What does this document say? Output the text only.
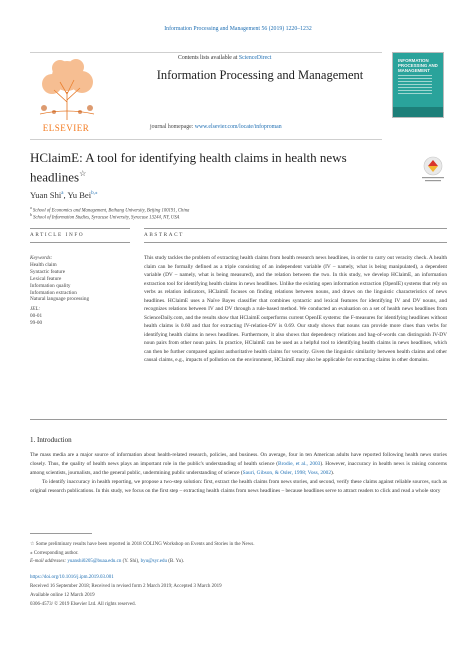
Information Processing and Management 56 (2019) 1220–1232
ELSEVIER
Contents lists available at ScienceDirect
Information Processing and Management
journal homepage: www.elsevier.com/locate/infoproman
INFORMATION PROCESSING AND MANAGEMENT
HClaimE: A tool for identifying health claims in health news headlines☆
Yuan Shi$^a$, Yu Bei$^{b,⁎}$
$^a$ School of Economics and Management, Beihang University, Beijing 100191, China
$^b$ School of Information Studies, Syracuse University, Syracuse 13244, NY, USA
ARTICLE INFO	ABSTRACT
Keywords:
Health claim
Syntactic feature
Lexical feature
Information quality
Information extraction
Natural language processing
JEL:
00-01
99-00
This study tackles the problem of extracting health claims from health research news headlines, in order to carry out veracity check. A health claim can be formally defined as a triple consisting of an independent variable (IV – namely, what is being manipulated), a dependent variable (DV – namely, what is being measured), and the relation between the two. In this study, we develop HClaimE, an information extraction tool for identifying health claims in news headlines. Unlike the existing open information extraction (OpenIE) systems that rely on verbs as relation indicators, HClaimE focuses on finding relations between nouns, and draws on the linguistic characteristics of news headlines. HClaimE uses a Naïve Bayes classifier that combines syntactic and lexical features for identifying IV and DV nouns, and recognizes relations between IV and DV through a rule-based method. We conducted an evaluation on a set of health news headlines from ScienceDaily.com, and the results show that HClaimE outperforms current OpenIE systems: the F-measures for identifying headlines without health claims is 0.60 and that for extracting IV-relation-DV is 0.69. Our study shows that nouns can provide more clues than verbs for identifying health claims in news headlines. Furthermore, it also shows that dependency relations and bag-of-words can distinguish IV-DV noun pairs from other noun pairs. In practice, HClaimE can be used as a helpful tool to identifying health claims in news headlines, which can then be further compared against authoritative health claims for veracity. Given the linguistic similarity between health claims and other causal claims, e.g., impacts of pollution on the environment, HClaimE may also be applicable for extracting claims in other domains.
1. Introduction

The mass media are a major source of information about health-related research, policies, and business. On average, four in ten American adults have reported following health news stories closely. Thus, the quality of health news plays an important role in the public's understanding of health science (Brodie, et al., 2003). However, inaccuracy in health news is raising concerns among scientists, journalists, and the general public, undermining public understanding of science (Sauri, Gibson, & Osler, 1998; Voss, 2002).

To identify inaccuracy in health reporting, we propose a two-step solution: first, extract the health claims from news stories, and second, verify these claims against reliable sources, such as original research publications. In this study, we focus on the first step – extracting health claims from news headlines – because headlines serve to attract readers to click and read a whole story

☆ Some preliminary results have been reported in 2018 COLING Workshop on Events and Stories in the News.
⁎ Corresponding author.
E-mail addresses: yuanshi0205@buaa.edu.cn (Y. Shi), byu@syr.edu (B. Yu).
https://doi.org/10.1016/j.ipm.2019.03.001
Received 16 September 2018; Received in revised form 2 March 2019; Accepted 3 March 2019
Available online 12 March 2019
0306-4573/ © 2019 Elsevier Ltd. All rights reserved.
